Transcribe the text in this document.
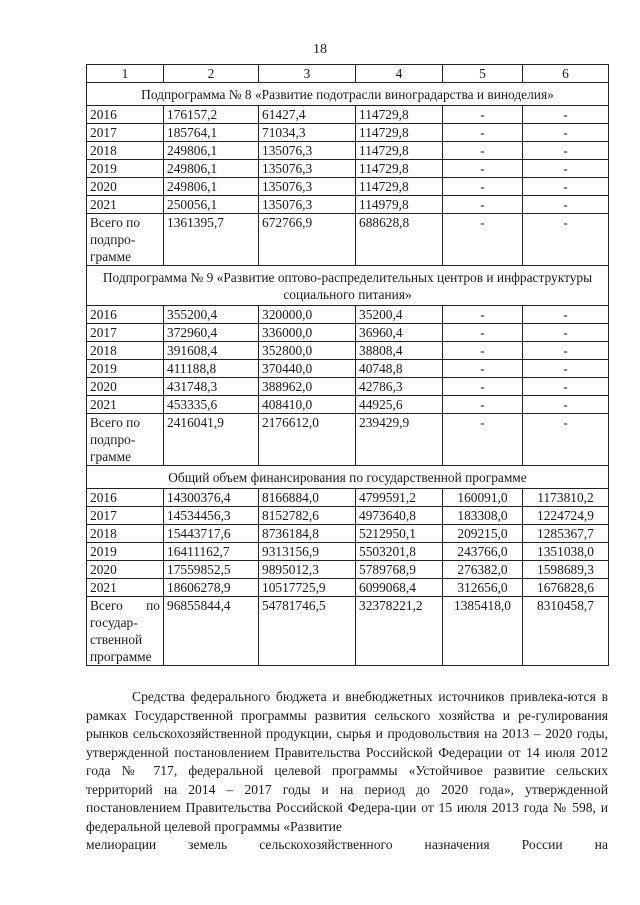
18
1	2	3	4	5	6
Подпрограмма № 8 «Развитие подотрасли виноградарства и виноделия»					
2016	176157,2	61427,4	114729,8	-	-
2017	185764,1	71034,3	114729,8	-	-
2018	249806,1	135076,3	114729,8	-	-
2019	249806,1	135076,3	114729,8	-	-
2020	249806,1	135076,3	114729,8	-	-
2021	250056,1	135076,3	114979,8	-	-

Всего по
подпро-
грамме	1361395,7	672766,9	688628,8	-	-
Подпрограмма № 9 «Развитие оптово-распределительных центров и инфраструктуры социального питания»					
2016	355200,4	320000,0	35200,4	-	-
2017	372960,4	336000,0	36960,4	-	-
2018	391608,4	352800,0	38808,4	-	-
2019	411188,8	370440,0	40748,8	-	-
2020	431748,3	388962,0	42786,3	-	-
2021	453335,6	408410,0	44925,6	-	-

Всего по
подпро-
грамме	2416041,9	2176612,0	239429,9	-	-
Общий объем финансирования по государственной программе					
2016	14300376,4	8166884,0	4799591,2	160091,0	1173810,2
2017	14534456,3	8152782,6	4973640,8	183308,0	1224724,9
2018	15443717,6	8736184,8	5212950,1	209215,0	1285367,7
2019	16411162,7	9313156,9	5503201,8	243766,0	1351038,0
2020	17559852,5	9895012,3	5789768,9	276382,0	1598689,3
2021	18606278,9	10517725,9	6099068,4	312656,0	1676828,6

Всего по
государ-
ственной
программе	96855844,4	54781746,5	32378221,2	1385418,0	8310458,7

Средства федерального бюджета и внебюджетных источников привлека-ются в рамках Государственной программы развития сельского хозяйства и ре-гулирования рынков сельскохозяйственной продукции, сырья и продовольствия на 2013 – 2020 годы, утвержденной постановлением Правительства Российской Федерации от 14 июля 2012 года № 717, федеральной целевой программы «Устойчивое развитие сельских территорий на 2014 – 2017 годы и на период до 2020 года», утвержденной постановлением Правительства Российской Федера-ции от 15 июля 2013 года № 598, и федеральной целевой программы «Развитие
мелиорации земель сельскохозяйственного назначения России на
